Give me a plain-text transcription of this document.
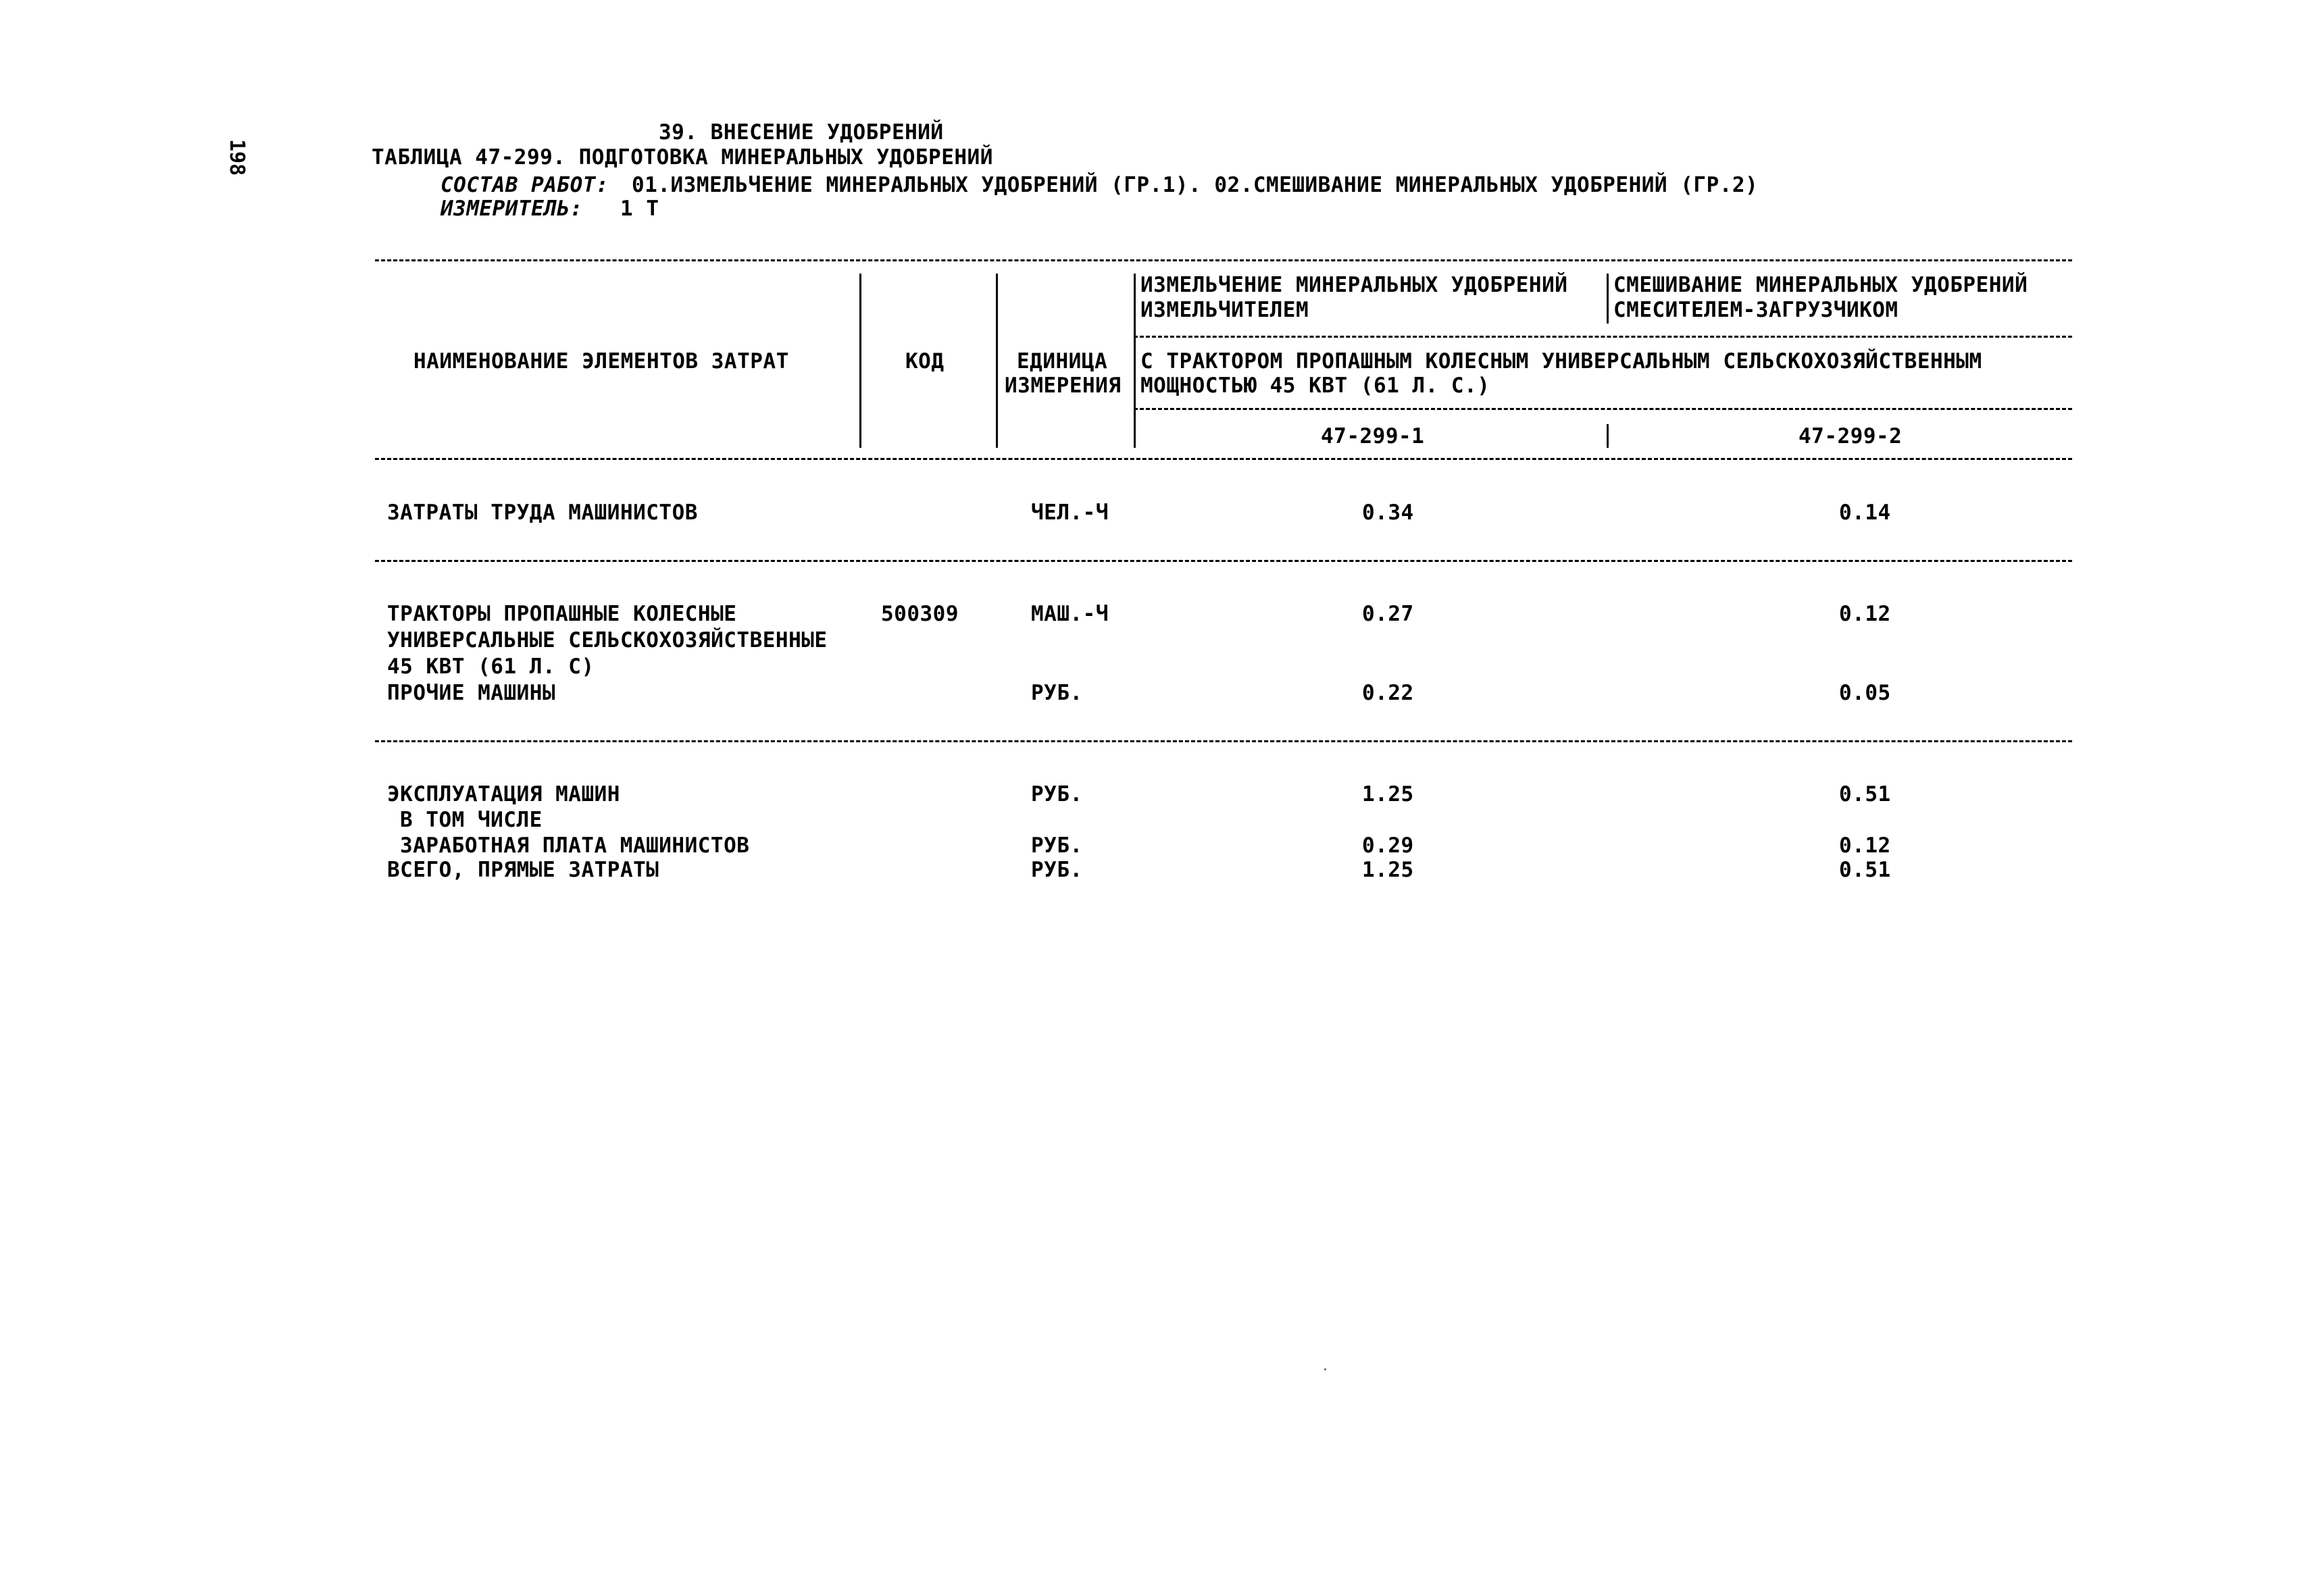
198
39. ВНЕСЕНИЕ УДОБРЕНИЙ
ТАБЛИЦА 47-299. ПОДГОТОВКА МИНЕРАЛЬНЫХ УДОБРЕНИЙ
СОСТАВ РАБОТ: 01.ИЗМЕЛЬЧЕНИЕ МИНЕРАЛЬНЫХ УДОБРЕНИЙ (ГР.1). 02.СМЕШИВАНИЕ МИНЕРАЛЬНЫХ УДОБРЕНИЙ (ГР.2)
ИЗМЕРИТЕЛЬ: 1 Т
НАИМЕНОВАНИЕ ЭЛЕМЕНТОВ ЗАТРАТ	КОД	ЕДИНИЦА
ИЗМЕРЕНИЯ
ИЗМЕЛЬЧЕНИЕ МИНЕРАЛЬНЫХ УДОБРЕНИЙ
ИЗМЕЛЬЧИТЕЛЕМ
СМЕШИВАНИЕ МИНЕРАЛЬНЫХ УДОБРЕНИЙ
СМЕСИТЕЛЕМ-ЗАГРУЗЧИКОМ
С ТРАКТОРОМ ПРОПАШНЫМ КОЛЕСНЫМ УНИВЕРСАЛЬНЫМ СЕЛЬСКОХОЗЯЙСТВЕННЫМ
МОЩНОСТЬЮ 45 КВТ (61 Л. С.)
47-299-1	47-299-2
ЗАТРАТЫ ТРУДА МАШИНИСТОВ	ЧЕЛ.-Ч	0.34	0.14
ТРАКТОРЫ ПРОПАШНЫЕ КОЛЕСНЫЕ
УНИВЕРСАЛЬНЫЕ СЕЛЬСКОХОЗЯЙСТВЕННЫЕ
45 КВТ (61 Л. С)
500309	МАШ.-Ч	0.27	0.12
ПРОЧИЕ МАШИНЫ	РУБ.	0.22	0.05
ЭКСПЛУАТАЦИЯ МАШИН	РУБ.	1.25	0.51
В ТОМ ЧИСЛЕ
ЗАРАБОТНАЯ ПЛАТА МАШИНИСТОВ	РУБ.	0.29	0.12
ВСЕГО, ПРЯМЫЕ ЗАТРАТЫ	РУБ.	1.25	0.51
